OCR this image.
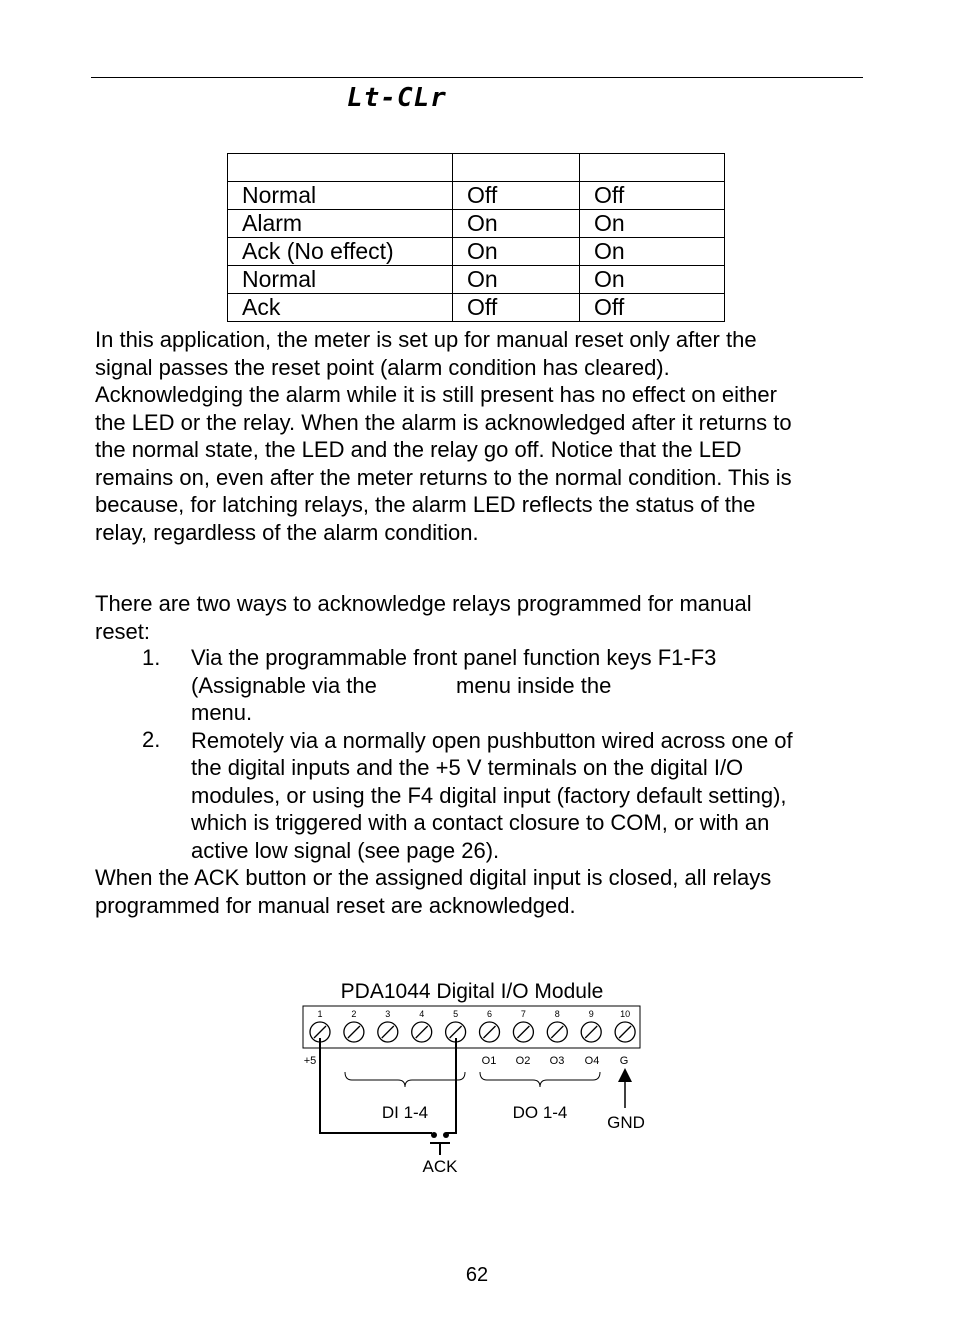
Lt-CLr

Normal	Off	Off
Alarm	On	On
Ack (No effect)	On	On
Normal	On	On
Ack	Off	Off
In this application, the meter is set up for manual reset only after the
signal passes the reset point (alarm condition has cleared).
Acknowledging the alarm while it is still present has no effect on either
the LED or the relay. When the alarm is acknowledged after it returns to
the normal state, the LED and the relay go off. Notice that the LED
remains on, even after the meter returns to the normal condition. This is
because, for latching relays, the alarm LED reflects the status of the
relay, regardless of the alarm condition.
There are two ways to acknowledge relays programmed for manual
reset:
1. Via the programmable front panel function keys F1-F3
(Assignable via the	menu inside the
menu.
2. Remotely via a normally open pushbutton wired across one of
the digital inputs and the +5 V terminals on the digital I/O
modules, or using the F4 digital input (factory default setting),
which is triggered with a contact closure to COM, or with an
active low signal (see page 26).
When the ACK button or the assigned digital input is closed, all relays
programmed for manual reset are acknowledged.
PDA1044 Digital I/O Module
1	2	3	4	5	6	7	8	9	10
+5	O1 O2 O3 O4 G
DI 1-4	DO 1-4
GND
ACK
62
